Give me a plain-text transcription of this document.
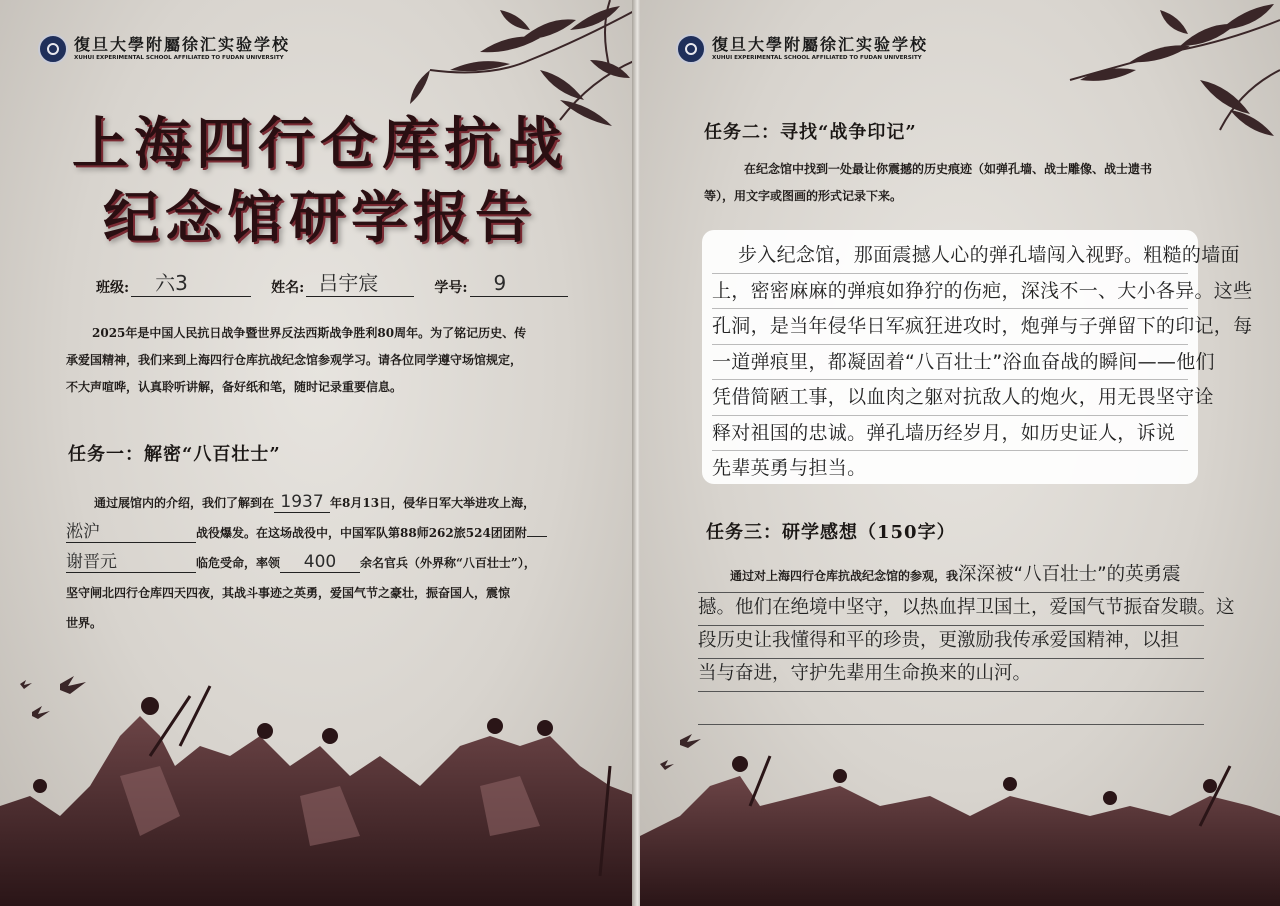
復旦大學附屬徐汇实验学校
XUHUI EXPERIMENTAL SCHOOL AFFILIATED TO FUDAN UNIVERSITY
上海四行仓库抗战
纪念馆研学报告
班级:	六3	姓名: 吕宇宸	学号:	9
2025年是中国人民抗日战争暨世界反法西斯战争胜利80周年。为了铭记历史、传
承爱国精神，我们来到上海四行仓库抗战纪念馆参观学习。请各位同学遵守场馆规定，
不大声喧哗，认真聆听讲解，备好纸和笔，随时记录重要信息。
任务一：解密“八百壮士”
通过展馆内的介绍，我们了解到在 1937 年8月13日，侵华日军大举进攻上海，
淞沪	战役爆发。在这场战役中，中国军队第88师262旅524团团附
谢晋元	临危受命，率领 400 余名官兵（外界称“八百壮士”），
坚守闸北四行仓库四天四夜，其战斗事迹之英勇，爱国气节之豪壮，振奋国人，震惊
世界。
復旦大學附屬徐汇实验学校
XUHUI EXPERIMENTAL SCHOOL AFFILIATED TO FUDAN UNIVERSITY
任务二：寻找“战争印记”
在纪念馆中找到一处最让你震撼的历史痕迹（如弹孔墙、战士雕像、战士遗书
等），用文字或图画的形式记录下来。
步入纪念馆，那面震撼人心的弹孔墙闯入视野。粗糙的墙面
上，密密麻麻的弹痕如狰狞的伤疤，深浅不一、大小各异。这些
孔洞，是当年侵华日军疯狂进攻时，炮弹与子弹留下的印记，每
一道弹痕里，都凝固着“八百壮士”浴血奋战的瞬间——他们
凭借简陋工事，以血肉之躯对抗敌人的炮火，用无畏坚守诠
释对祖国的忠诚。弹孔墙历经岁月，如历史证人，诉说
先辈英勇与担当。
任务三：研学感想（150字）
通过对上海四行仓库抗战纪念馆的参观，我深深被“八百壮士”的英勇震
撼。他们在绝境中坚守，以热血捍卫国土，爱国气节振奋发聩。这
段历史让我懂得和平的珍贵，更激励我传承爱国精神，以担
当与奋进，守护先辈用生命换来的山河。
